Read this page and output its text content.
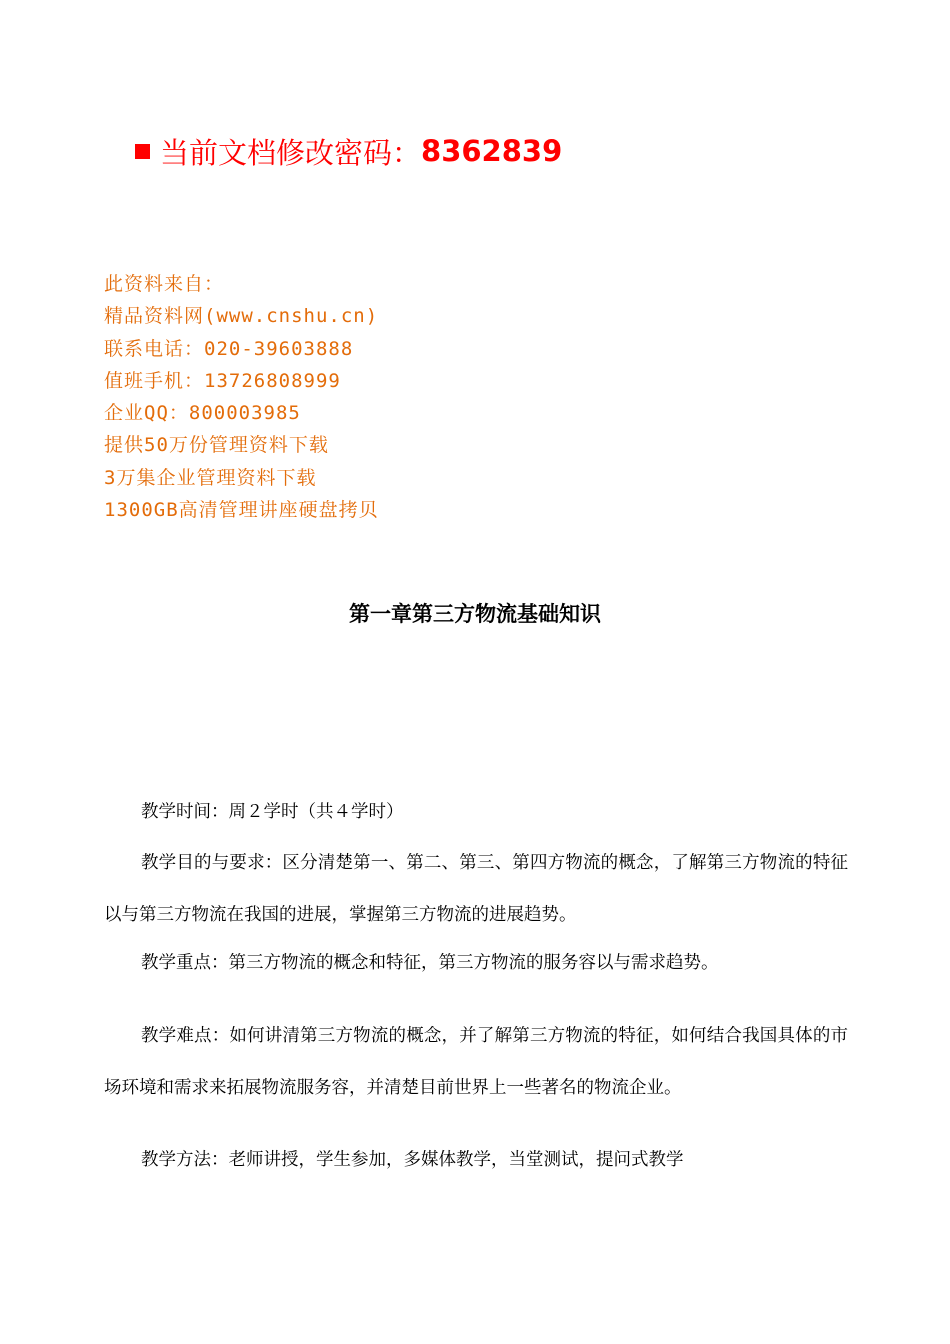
当前文档修改密码： 8362839
此资料来自：
精品资料网(www.cnshu.cn)
联系电话：020-39603888
值班手机：13726808999
企业QQ：800003985
提供50万份管理资料下载
3万集企业管理资料下载
1300GB高清管理讲座硬盘拷贝
第一章第三方物流基础知识
教学时间：周２学时（共４学时）
教学目的与要求：区分清楚第一、第二、第三、第四方物流的概念，了解第三方物流的特征以与第三方物流在我国的进展，掌握第三方物流的进展趋势。
教学重点：第三方物流的概念和特征，第三方物流的服务容以与需求趋势。
教学难点：如何讲清第三方物流的概念，并了解第三方物流的特征，如何结合我国具体的市场环境和需求来拓展物流服务容，并清楚目前世界上一些著名的物流企业。
教学方法：老师讲授，学生参加，多媒体教学，当堂测试，提问式教学
